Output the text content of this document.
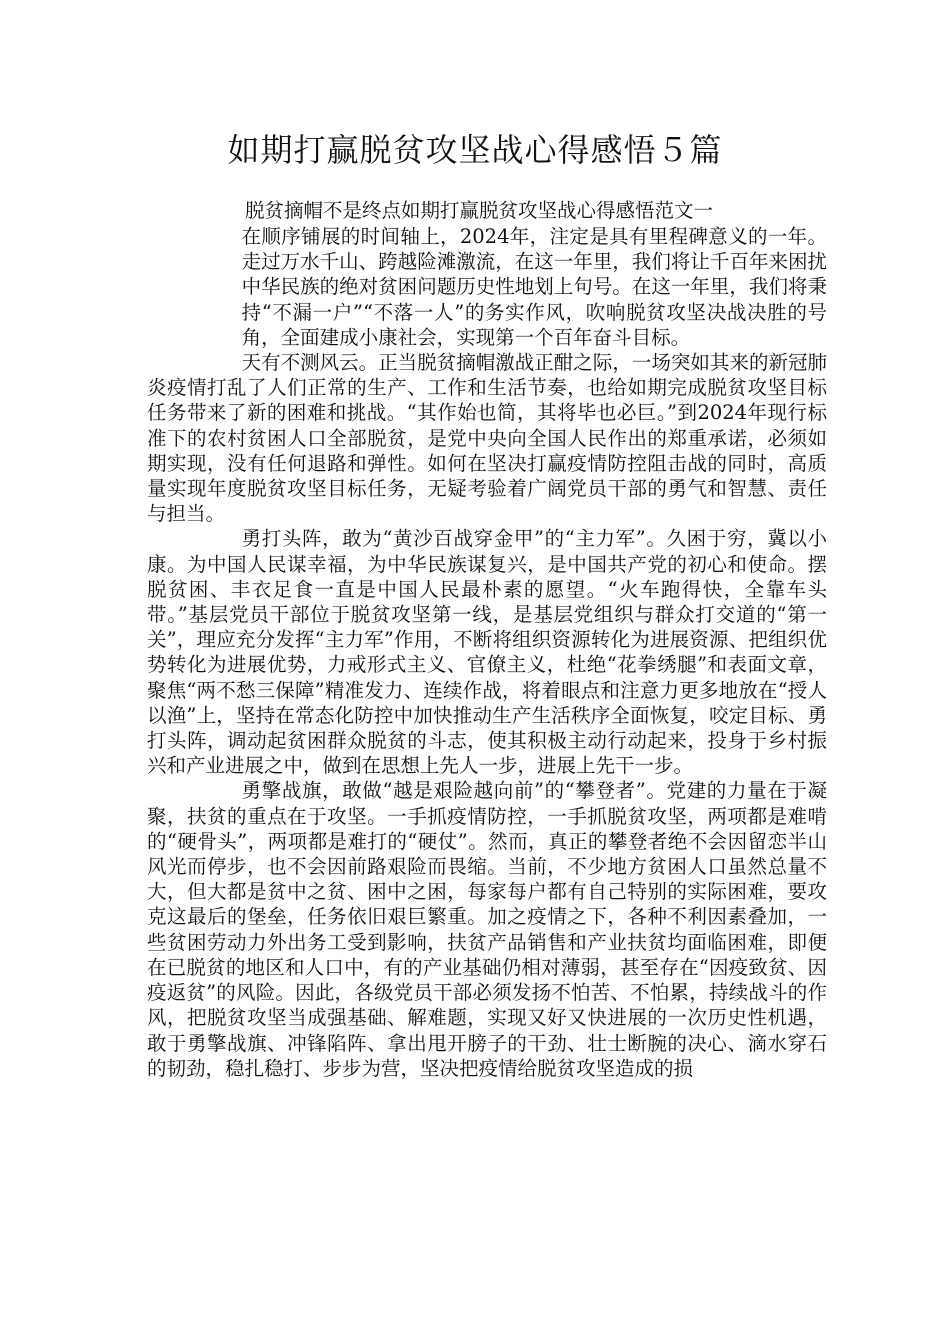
如期打赢脱贫攻坚战心得感悟５篇

脱贫摘帽不是终点如期打赢脱贫攻坚战心得感悟范文一

在顺序铺展的时间轴上，2024年，注定是具有里程碑意义的一年。走过万水千山、跨越险滩激流，在这一年里，我们将让千百年来困扰中华民族的绝对贫困问题历史性地划上句号。在这一年里，我们将秉持“不漏一户”“不落一人”的务实作风，吹响脱贫攻坚决战决胜的号角，全面建成小康社会，实现第一个百年奋斗目标。

天有不测风云。正当脱贫摘帽激战正酣之际，一场突如其来的新冠肺炎疫情打乱了人们正常的生产、工作和生活节奏，也给如期完成脱贫攻坚目标任务带来了新的困难和挑战。“其作始也简，其将毕也必巨。”到2024年现行标准下的农村贫困人口全部脱贫，是党中央向全国人民作出的郑重承诺，必须如期实现，没有任何退路和弹性。如何在坚决打赢疫情防控阻击战的同时，高质量实现年度脱贫攻坚目标任务，无疑考验着广阔党员干部的勇气和智慧、责任与担当。

勇打头阵，敢为“黄沙百战穿金甲”的“主力军”。久困于穷，冀以小康。为中国人民谋幸福，为中华民族谋复兴，是中国共产党的初心和使命。摆脱贫困、丰衣足食一直是中国人民最朴素的愿望。“火车跑得快，全靠车头带。”基层党员干部位于脱贫攻坚第一线，是基层党组织与群众打交道的“第一关”，理应充分发挥“主力军”作用，不断将组织资源转化为进展资源、把组织优势转化为进展优势，力戒形式主义、官僚主义，杜绝“花拳绣腿”和表面文章，聚焦“两不愁三保障”精准发力、连续作战，将着眼点和注意力更多地放在“授人以渔”上，坚持在常态化防控中加快推动生产生活秩序全面恢复，咬定目标、勇打头阵，调动起贫困群众脱贫的斗志，使其积极主动行动起来，投身于乡村振兴和产业进展之中，做到在思想上先人一步，进展上先干一步。

勇擎战旗，敢做“越是艰险越向前”的“攀登者”。党建的力量在于凝聚，扶贫的重点在于攻坚。一手抓疫情防控，一手抓脱贫攻坚，两项都是难啃的“硬骨头”，两项都是难打的“硬仗”。然而，真正的攀登者绝不会因留恋半山风光而停步，也不会因前路艰险而畏缩。当前，不少地方贫困人口虽然总量不大，但大都是贫中之贫、困中之困，每家每户都有自己特别的实际困难，要攻克这最后的堡垒，任务依旧艰巨繁重。加之疫情之下，各种不利因素叠加，一些贫困劳动力外出务工受到影响，扶贫产品销售和产业扶贫均面临困难，即便在已脱贫的地区和人口中，有的产业基础仍相对薄弱，甚至存在“因疫致贫、因疫返贫”的风险。因此，各级党员干部必须发扬不怕苦、不怕累，持续战斗的作风，把脱贫攻坚当成强基础、解难题，实现又好又快进展的一次历史性机遇，敢于勇擎战旗、冲锋陷阵、拿出甩开膀子的干劲、壮士断腕的决心、滴水穿石的韧劲，稳扎稳打、步步为营，坚决把疫情给脱贫攻坚造成的损
